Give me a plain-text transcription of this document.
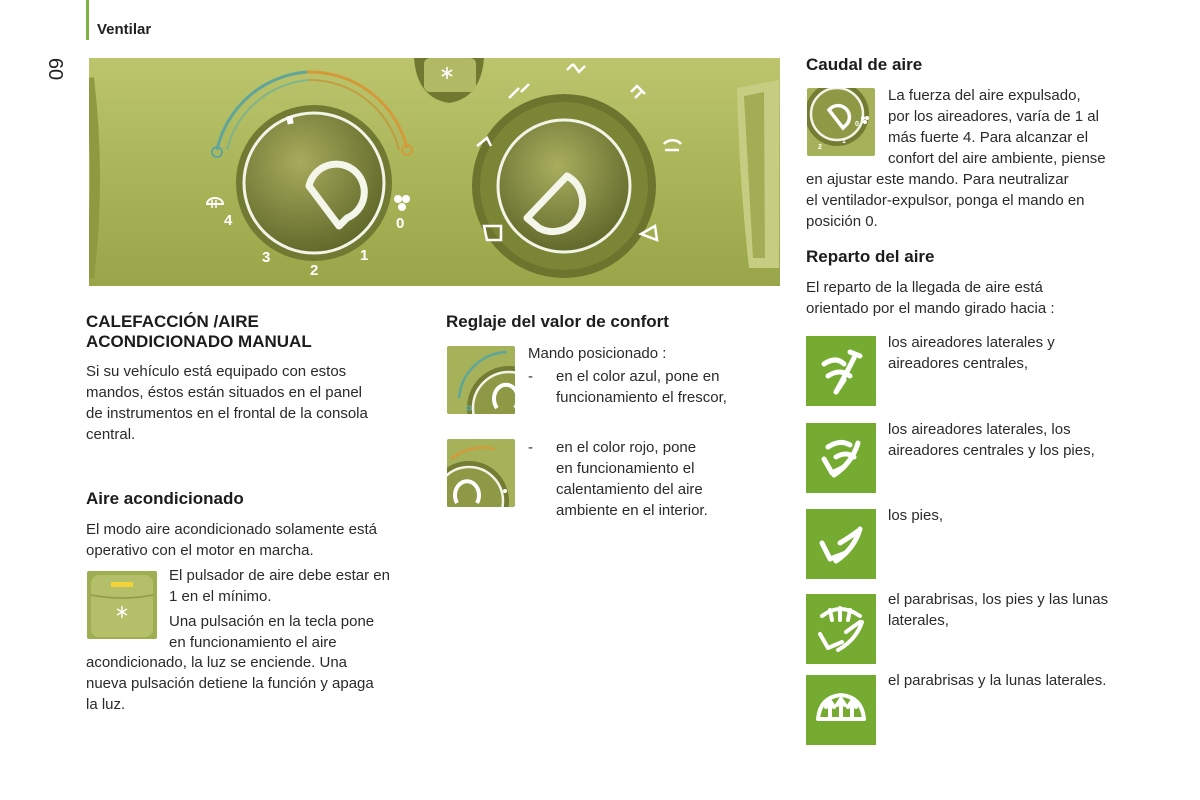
Ventilar
60
0
1
2
3
4
CALEFACCIÓN /AIRE
ACONDICIONADO MANUAL

Si su vehículo está equipado con estos

mandos, éstos están situados en el panel

de instrumentos en el frontal de la consola

central.

Aire acondicionado

El modo aire acondicionado solamente está

operativo con el motor en marcha.

El pulsador de aire debe estar en

1 en el mínimo.

Una pulsación en la tecla pone

en funcionamiento el aire

acondicionado, la luz se enciende. Una

nueva pulsación detiene la función y apaga

la luz.

Reglaje del valor de confort

Mando posicionado :

- en el color azul, pone en

funcionamiento el frescor,

- en el color rojo, pone

en funcionamiento el

calentamiento del aire

ambiente en el interior.

Caudal de aire
2
1
0

La fuerza del aire expulsado,

por los aireadores, varía de 1 al

más fuerte 4. Para alcanzar el

confort del aire ambiente, piense

en ajustar este mando. Para neutralizar

el ventilador-expulsor, ponga el mando en

posición 0.

Reparto del aire

El reparto de la llegada de aire está

orientado por el mando girado hacia :

los aireadores laterales y

aireadores centrales,

los aireadores laterales, los

aireadores centrales y los pies,

los pies,

el parabrisas, los pies y las lunas

laterales,

el parabrisas y la lunas laterales.
